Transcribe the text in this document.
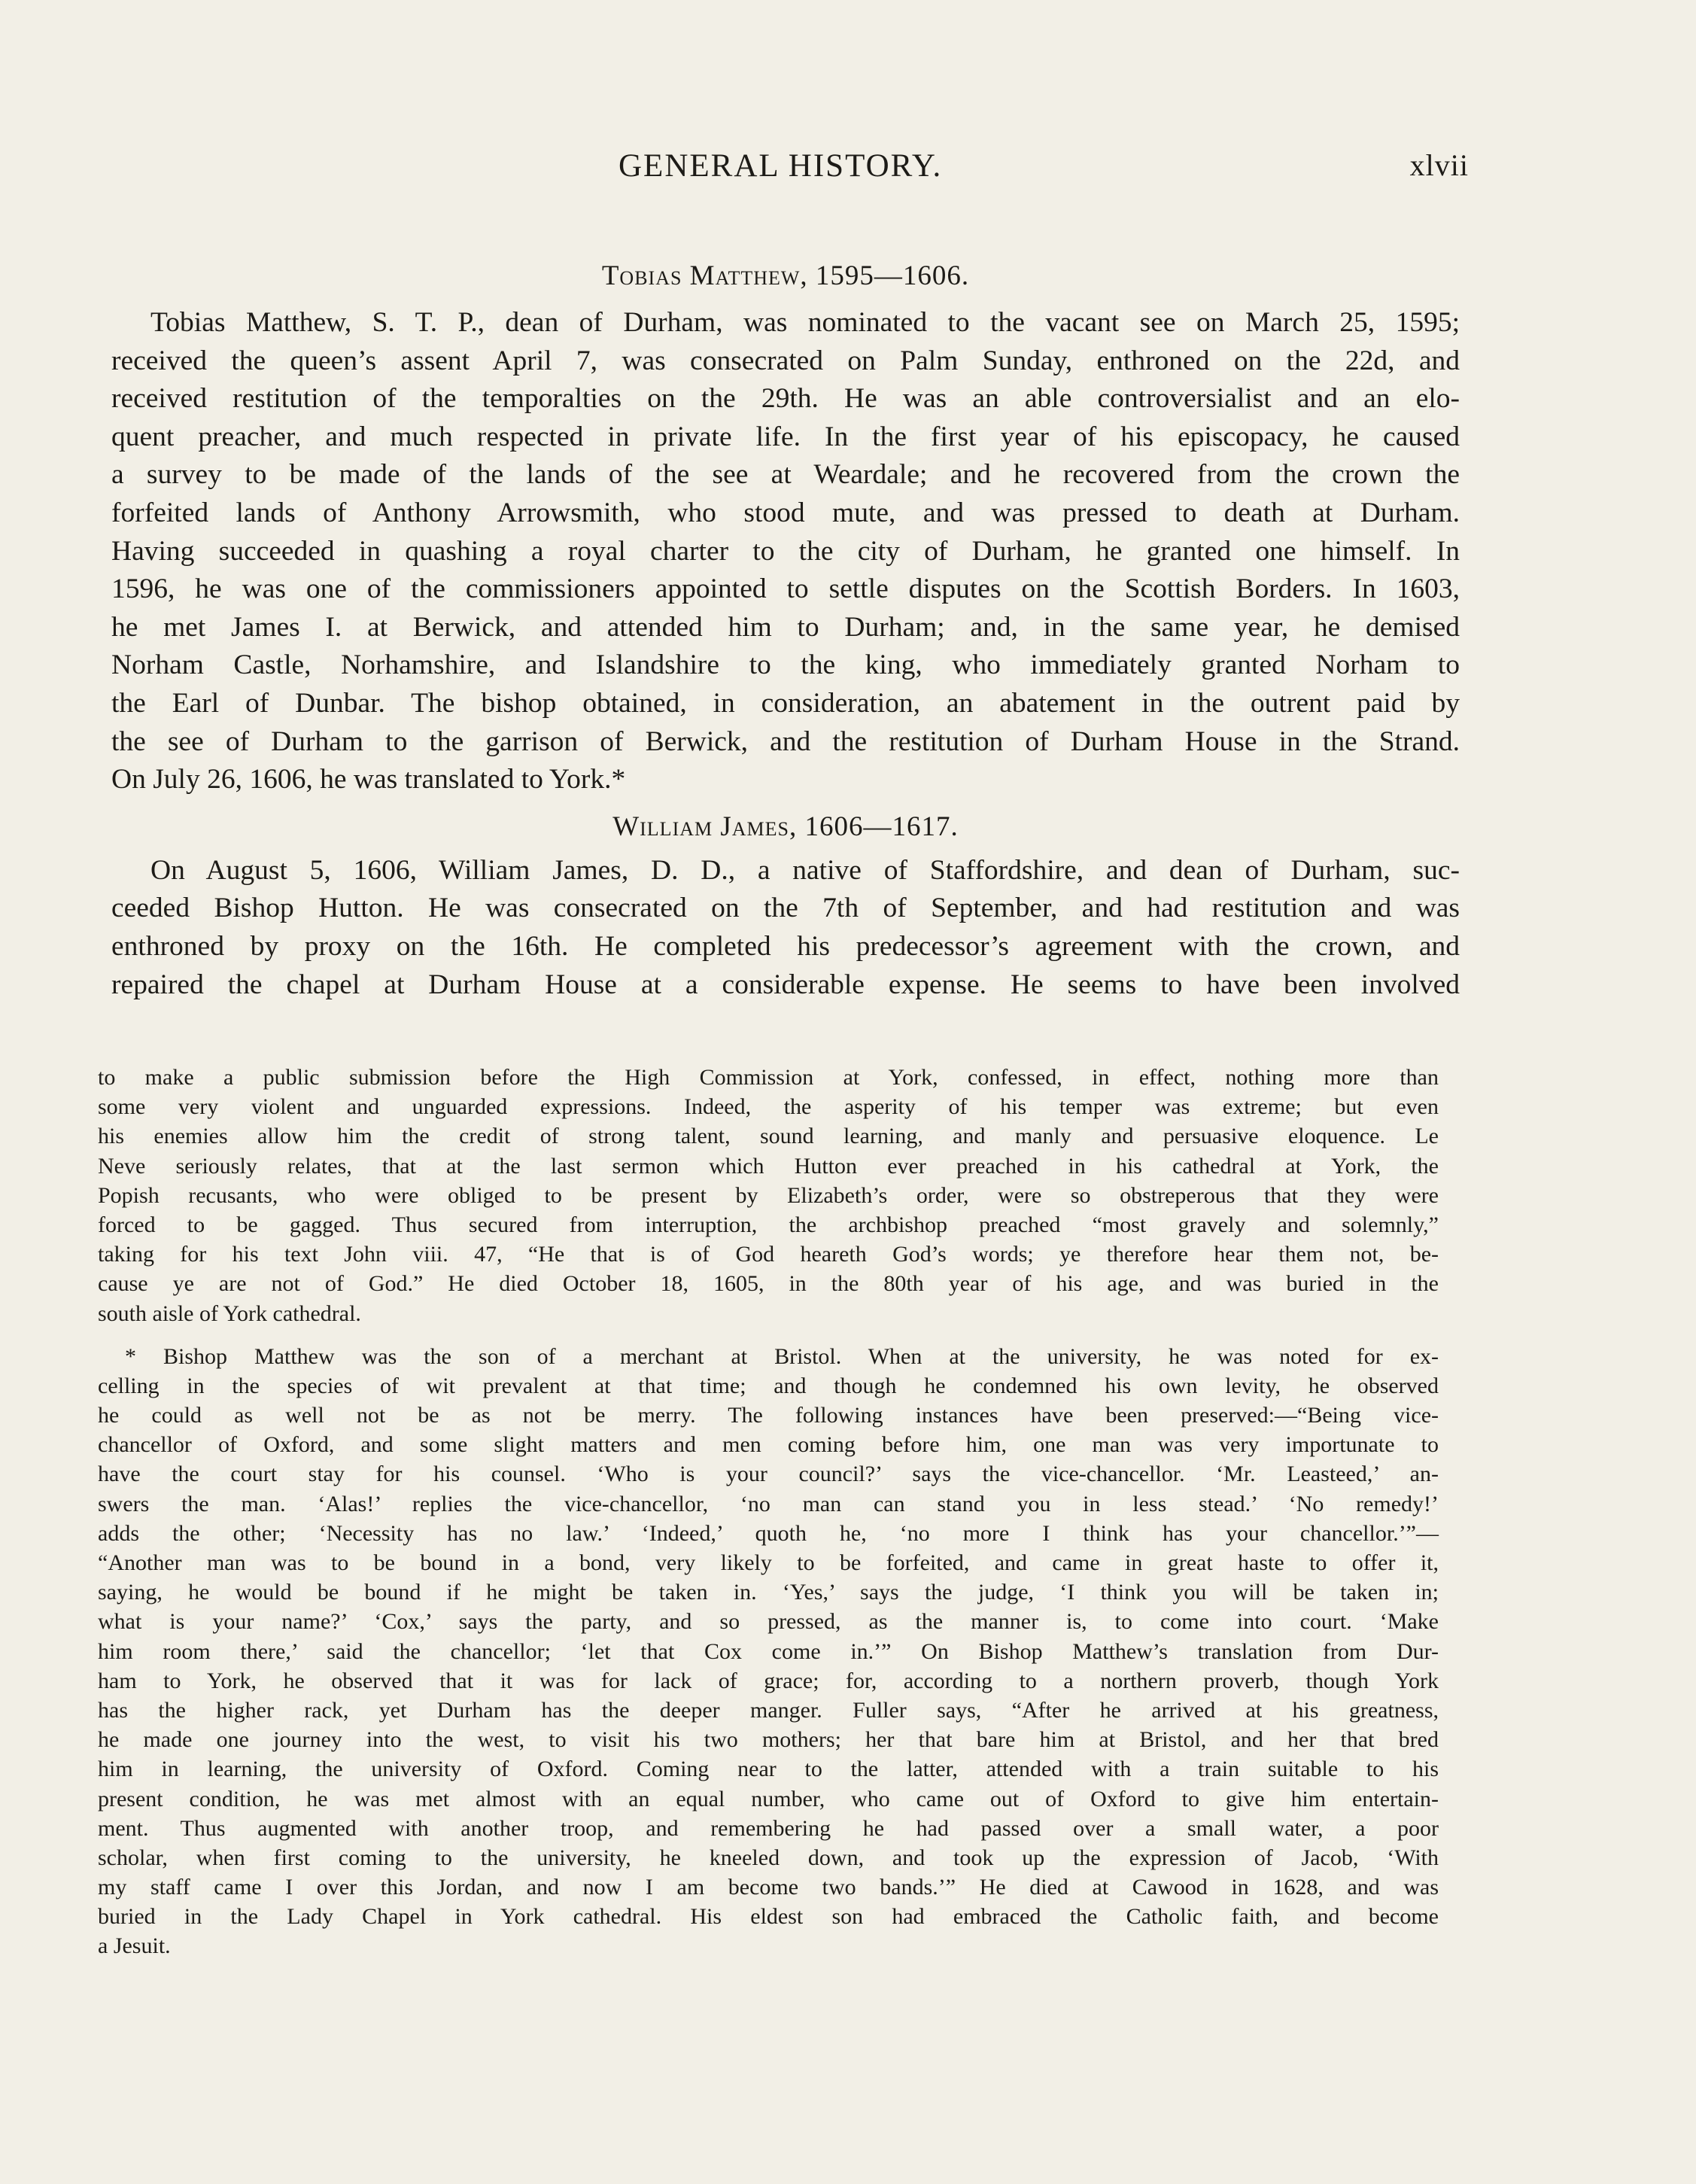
GENERAL HISTORY.	xlvii
Tobias Matthew, 1595—1606.
Tobias Matthew, S. T. P., dean of Durham, was nominated to the vacant see on March 25, 1595;
received the queen’s assent April 7, was consecrated on Palm Sunday, enthroned on the 22d, and
received restitution of the temporalties on the 29th. He was an able controversialist and an elo-
quent preacher, and much respected in private life. In the first year of his episcopacy, he caused
a survey to be made of the lands of the see at Weardale; and he recovered from the crown the
forfeited lands of Anthony Arrowsmith, who stood mute, and was pressed to death at Durham.
Having succeeded in quashing a royal charter to the city of Durham, he granted one himself. In
1596, he was one of the commissioners appointed to settle disputes on the Scottish Borders. In 1603,
he met James I. at Berwick, and attended him to Durham; and, in the same year, he demised
Norham Castle, Norhamshire, and Islandshire to the king, who immediately granted Norham to
the Earl of Dunbar. The bishop obtained, in consideration, an abatement in the outrent paid by
the see of Durham to the garrison of Berwick, and the restitution of Durham House in the Strand.
On July 26, 1606, he was translated to York.*
William James, 1606—1617.
On August 5, 1606, William James, D. D., a native of Staffordshire, and dean of Durham, suc-
ceeded Bishop Hutton. He was consecrated on the 7th of September, and had restitution and was
enthroned by proxy on the 16th. He completed his predecessor’s agreement with the crown, and
repaired the chapel at Durham House at a considerable expense. He seems to have been involved
to make a public submission before the High Commission at York, confessed, in effect, nothing more than
some very violent and unguarded expressions. Indeed, the asperity of his temper was extreme; but even
his enemies allow him the credit of strong talent, sound learning, and manly and persuasive eloquence. Le
Neve seriously relates, that at the last sermon which Hutton ever preached in his cathedral at York, the
Popish recusants, who were obliged to be present by Elizabeth’s order, were so obstreperous that they were
forced to be gagged. Thus secured from interruption, the archbishop preached “most gravely and solemnly,”
taking for his text John viii. 47, “He that is of God heareth God’s words; ye therefore hear them not, be-
cause ye are not of God.” He died October 18, 1605, in the 80th year of his age, and was buried in the
south aisle of York cathedral.
* Bishop Matthew was the son of a merchant at Bristol. When at the university, he was noted for ex-
celling in the species of wit prevalent at that time; and though he condemned his own levity, he observed
he could as well not be as not be merry. The following instances have been preserved:—“Being vice-
chancellor of Oxford, and some slight matters and men coming before him, one man was very importunate to
have the court stay for his counsel. ‘Who is your council?’ says the vice-chancellor. ‘Mr. Leasteed,’ an-
swers the man. ‘Alas!’ replies the vice-chancellor, ‘no man can stand you in less stead.’ ‘No remedy!’
adds the other; ‘Necessity has no law.’ ‘Indeed,’ quoth he, ‘no more I think has your chancellor.’”—
“Another man was to be bound in a bond, very likely to be forfeited, and came in great haste to offer it,
saying, he would be bound if he might be taken in. ‘Yes,’ says the judge, ‘I think you will be taken in;
what is your name?’ ‘Cox,’ says the party, and so pressed, as the manner is, to come into court. ‘Make
him room there,’ said the chancellor; ‘let that Cox come in.’” On Bishop Matthew’s translation from Dur-
ham to York, he observed that it was for lack of grace; for, according to a northern proverb, though York
has the higher rack, yet Durham has the deeper manger. Fuller says, “After he arrived at his greatness,
he made one journey into the west, to visit his two mothers; her that bare him at Bristol, and her that bred
him in learning, the university of Oxford. Coming near to the latter, attended with a train suitable to his
present condition, he was met almost with an equal number, who came out of Oxford to give him entertain-
ment. Thus augmented with another troop, and remembering he had passed over a small water, a poor
scholar, when first coming to the university, he kneeled down, and took up the expression of Jacob, ‘With
my staff came I over this Jordan, and now I am become two bands.’” He died at Cawood in 1628, and was
buried in the Lady Chapel in York cathedral. His eldest son had embraced the Catholic faith, and become
a Jesuit.
